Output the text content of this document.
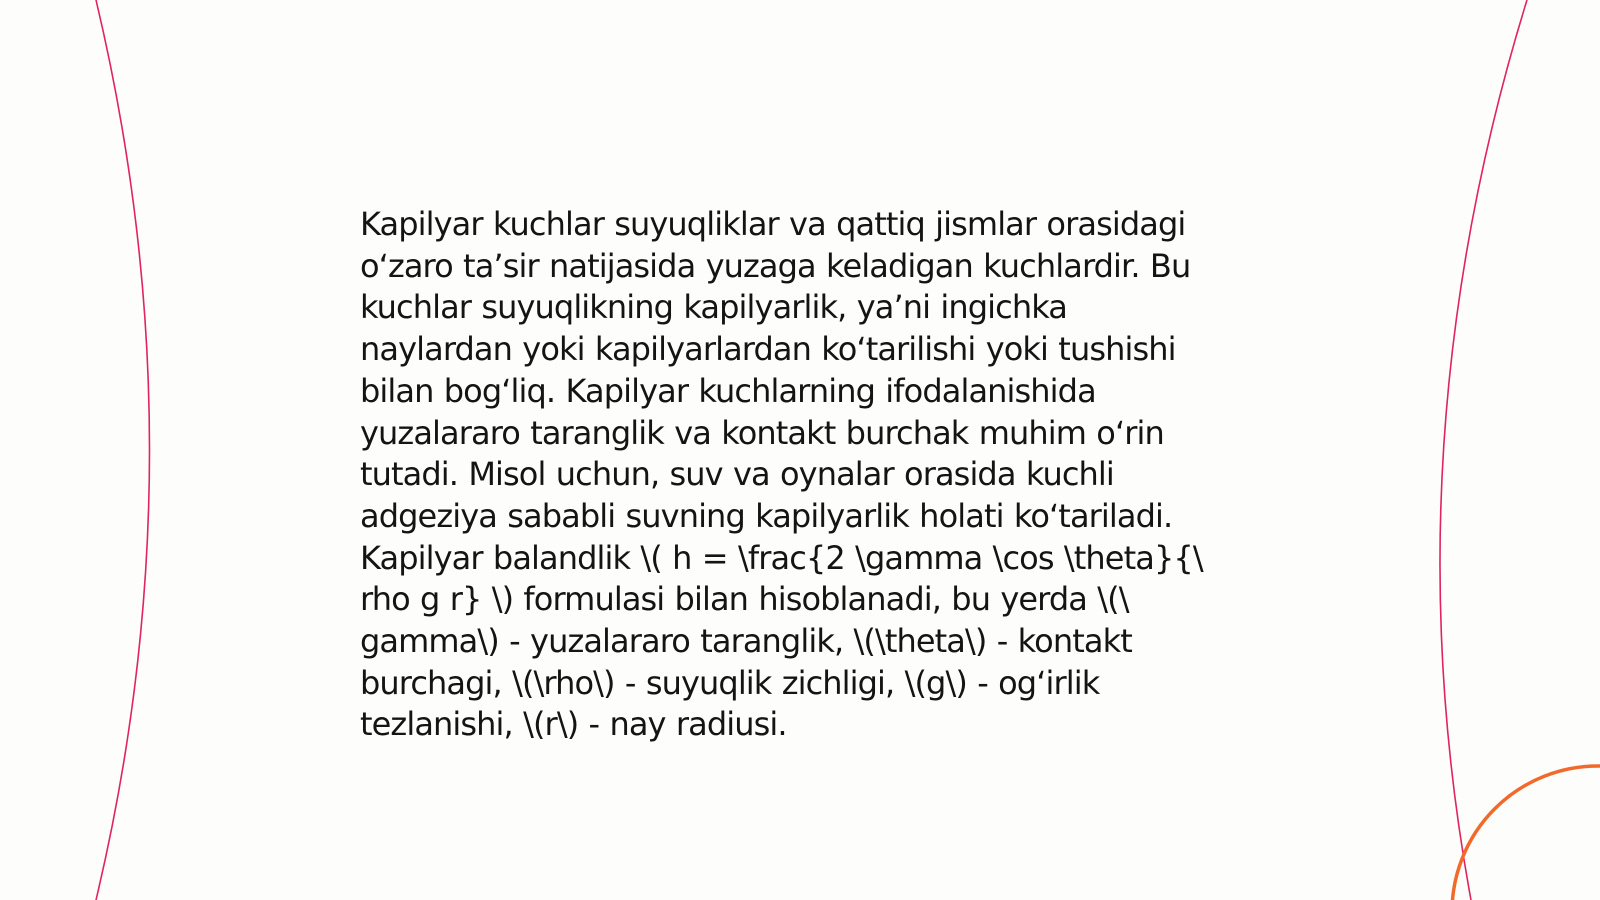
Kapilyar kuchlar suyuqliklar va qattiq jismlar orasidagi
o‘zaro ta’sir natijasida yuzaga keladigan kuchlardir. Bu
kuchlar suyuqlikning kapilyarlik, ya’ni ingichka
naylardan yoki kapilyarlardan ko‘tarilishi yoki tushishi
bilan bog‘liq. Kapilyar kuchlarning ifodalanishida
yuzalararo taranglik va kontakt burchak muhim o‘rin
tutadi. Misol uchun, suv va oynalar orasida kuchli
adgeziya sababli suvning kapilyarlik holati ko‘tariladi.
Kapilyar balandlik \( h = \frac{2 \gamma \cos \theta}{\
rho g r} \) formulasi bilan hisoblanadi, bu yerda \(\
gamma\) - yuzalararo taranglik, \(\theta\) - kontakt
burchagi, \(\rho\) - suyuqlik zichligi, \(g\) - og‘irlik
tezlanishi, \(r\) - nay radiusi.
